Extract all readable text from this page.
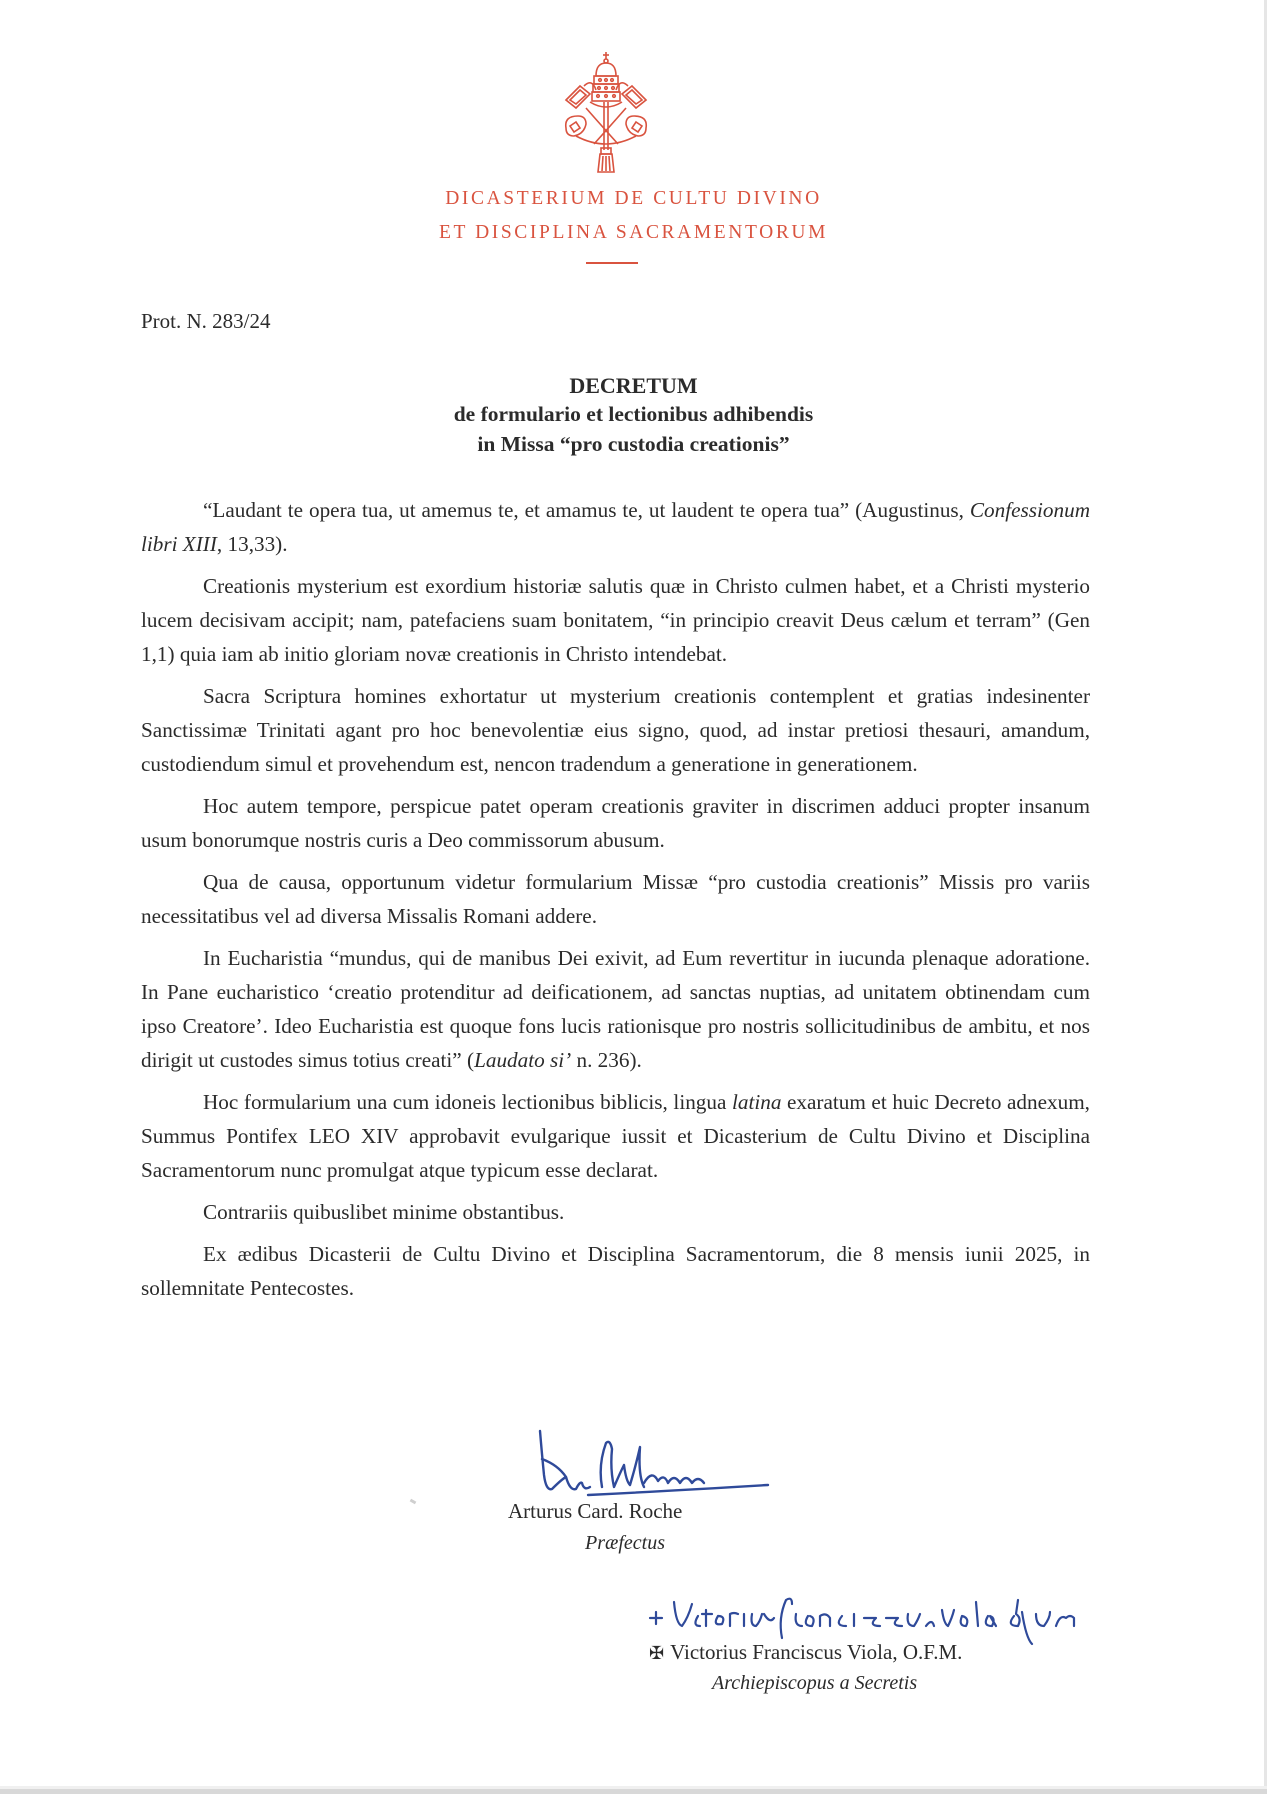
DICASTERIUM DE CULTU DIVINO
ET DISCIPLINA SACRAMENTORUM
Prot. N. 283/24
DECRETUM
de formulario et lectionibus adhibendis
in Missa “pro custodia creationis”

“Laudant te opera tua, ut amemus te, et amamus te, ut laudent te opera tua” (Augustinus, Confessionum libri XIII, 13,33).

Creationis mysterium est exordium historiæ salutis quæ in Christo culmen habet, et a Christi mysterio lucem decisivam accipit; nam, patefaciens suam bonitatem, “in principio creavit Deus cælum et terram” (Gen 1,1) quia iam ab initio gloriam novæ creationis in Christo intendebat.

Sacra Scriptura homines exhortatur ut mysterium creationis contemplent et gratias indesinenter Sanctissimæ Trinitati agant pro hoc benevolentiæ eius signo, quod, ad instar pretiosi thesauri, amandum, custodiendum simul et provehendum est, nencon tradendum a generatione in generationem.

Hoc autem tempore, perspicue patet operam creationis graviter in discrimen adduci propter insanum usum bonorumque nostris curis a Deo commissorum abusum.

Qua de causa, opportunum videtur formularium Missæ “pro custodia creationis” Missis pro variis necessitatibus vel ad diversa Missalis Romani addere.

In Eucharistia “mundus, qui de manibus Dei exivit, ad Eum revertitur in iucunda plenaque adoratione. In Pane eucharistico ‘creatio protenditur ad deificationem, ad sanctas nuptias, ad unitatem obtinendam cum ipso Creatore’. Ideo Eucharistia est quoque fons lucis rationisque pro nostris sollicitudinibus de ambitu, et nos dirigit ut custodes simus totius creati” (Laudato si’ n. 236).

Hoc formularium una cum idoneis lectionibus biblicis, lingua latina exaratum et huic Decreto adnexum, Summus Pontifex LEO XIV approbavit evulgarique iussit et Dicasterium de Cultu Divino et Disciplina Sacramentorum nunc promulgat atque typicum esse declarat.

Contrariis quibuslibet minime obstantibus.

Ex ædibus Dicasterii de Cultu Divino et Disciplina Sacramentorum, die 8 mensis iunii 2025, in sollemnitate Pentecostes.

Arturus Card. Roche
Præfectus
✠ Victorius Franciscus Viola, O.F.M.
Archiepiscopus a Secretis
